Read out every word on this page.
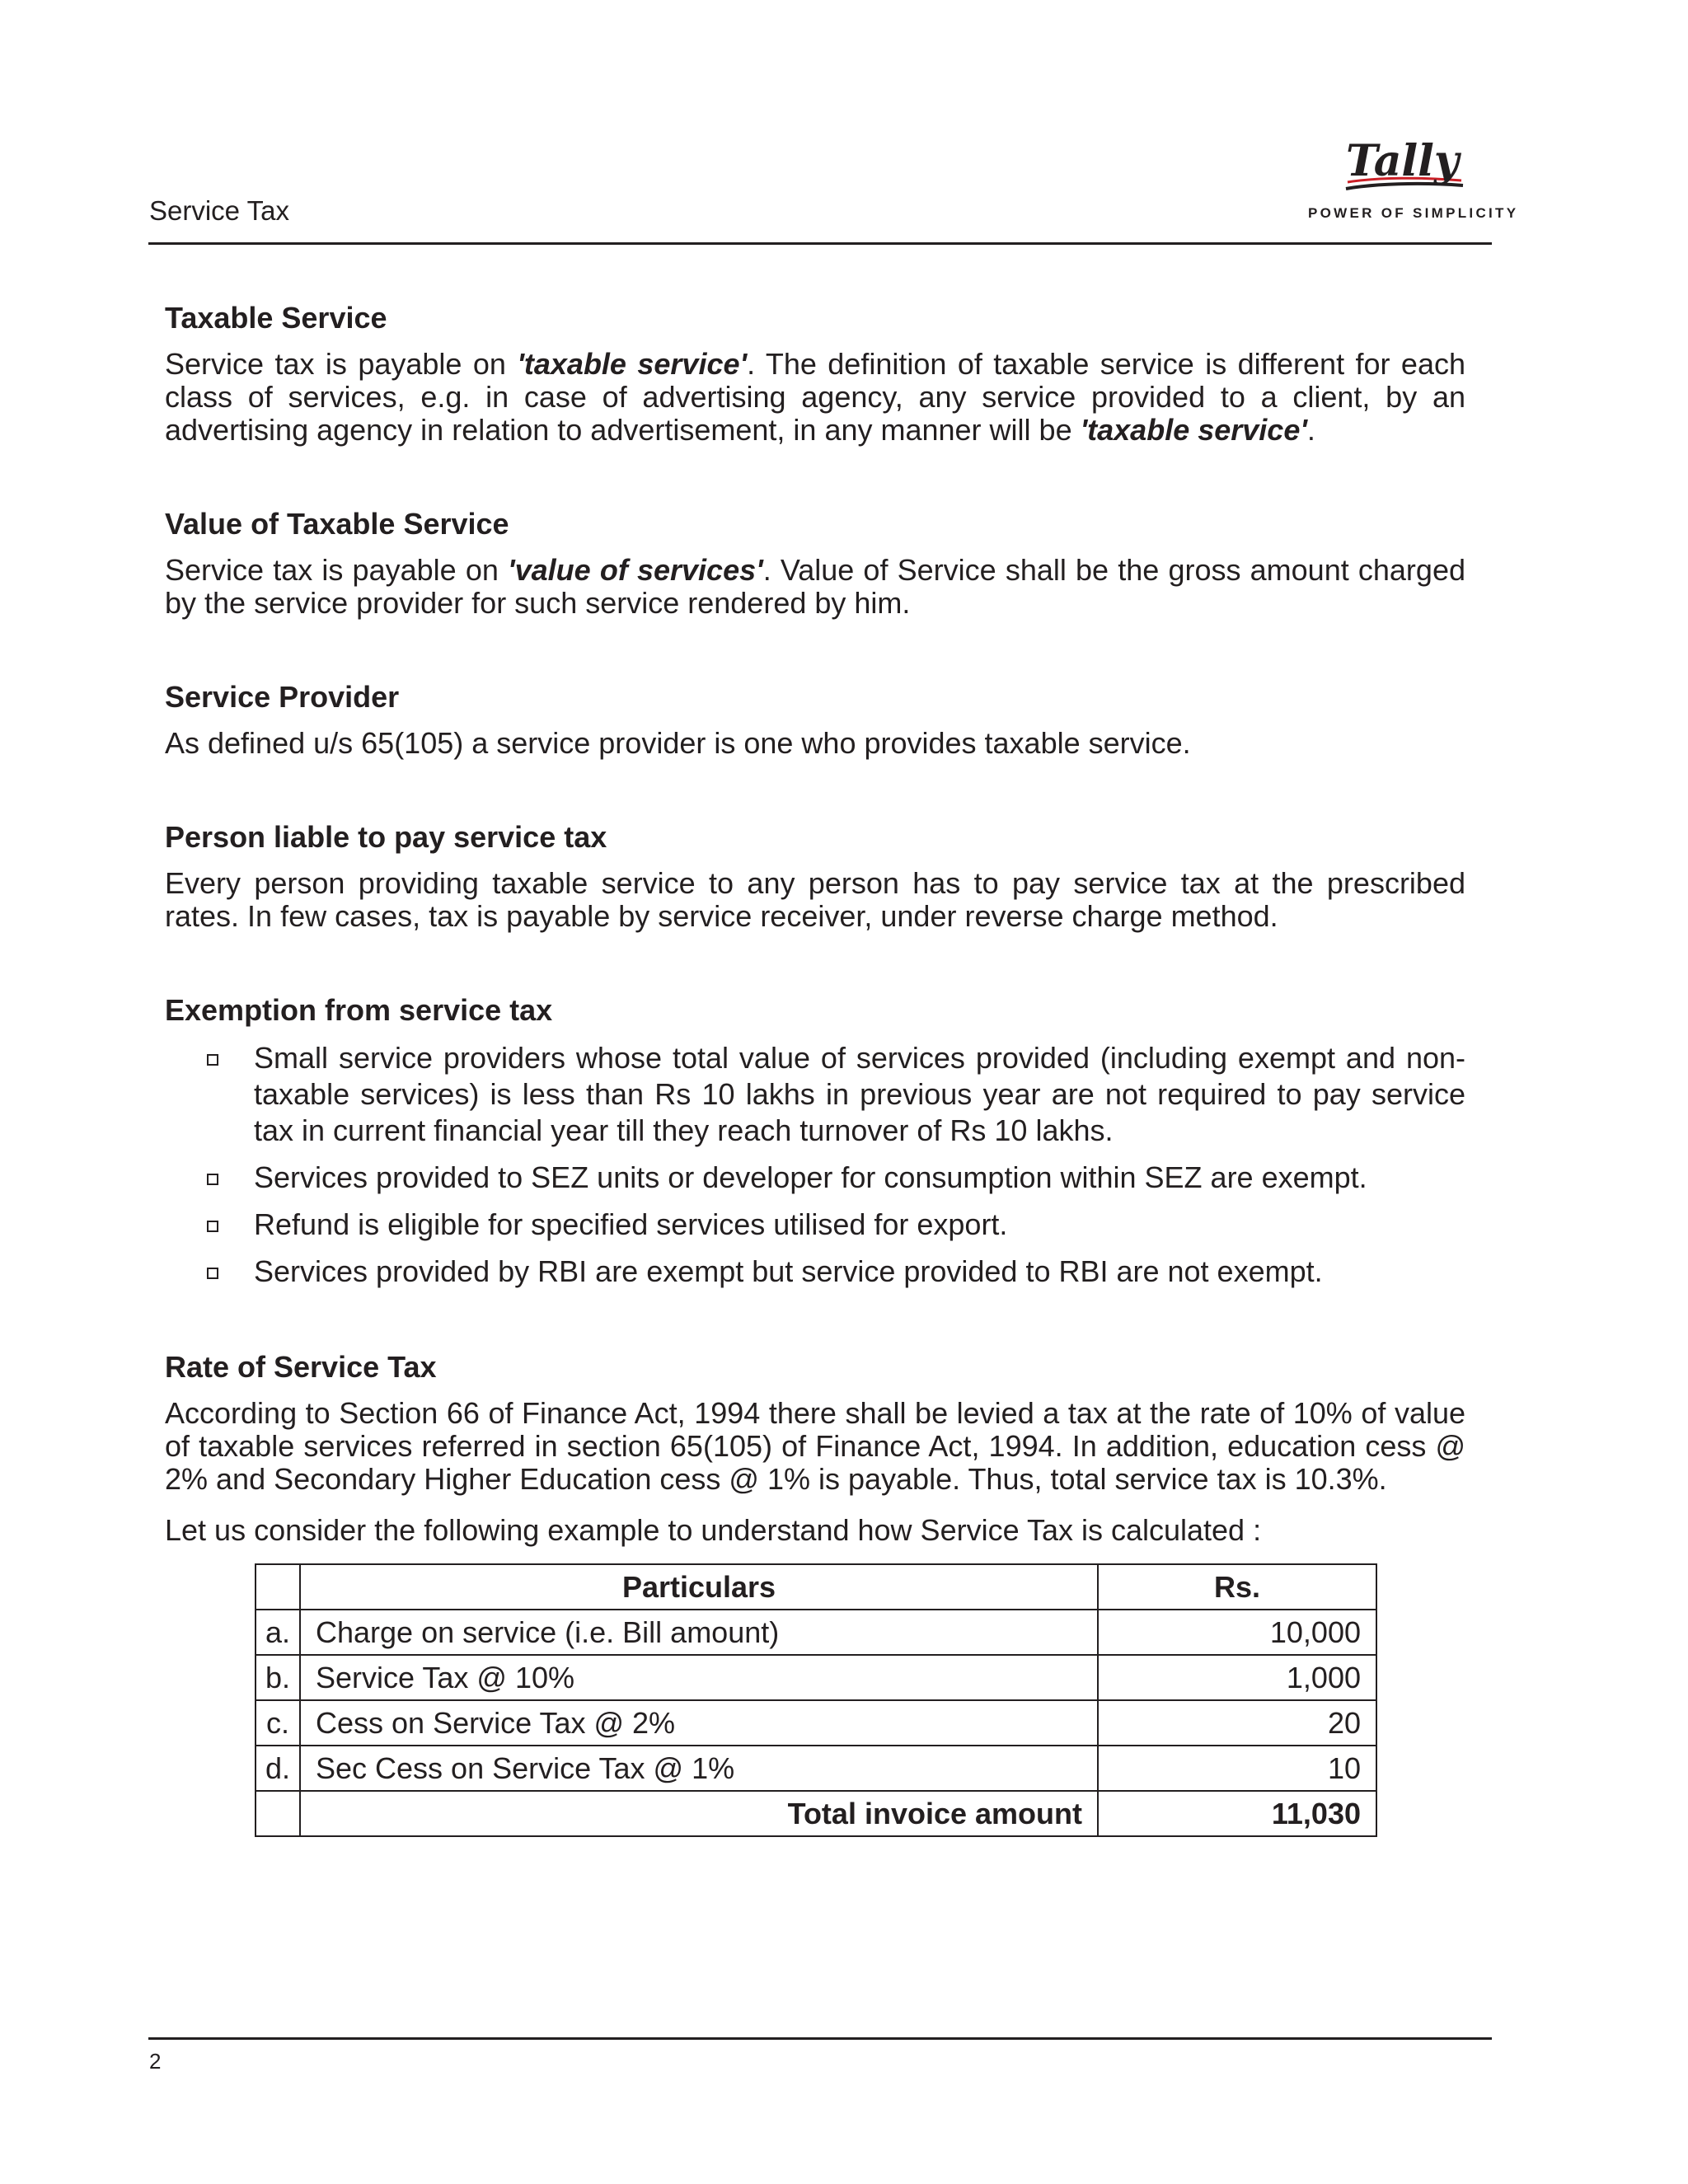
Service Tax
Tally
POWER OF SIMPLICITY
Taxable Service

Service tax is payable on 'taxable service'. The definition of taxable service is different for each class of services, e.g. in case of advertising agency, any service provided to a client, by an advertising agency in relation to advertisement, in any manner will be 'taxable service'.

Value of Taxable Service

Service tax is payable on 'value of services'. Value of Service shall be the gross amount charged by the service provider for such service rendered by him.

Service Provider

As defined u/s 65(105) a service provider is one who provides taxable service.

Person liable to pay service tax

Every person providing taxable service to any person has to pay service tax at the prescribed rates. In few cases, tax is payable by service receiver, under reverse charge method.

Exemption from service tax
Small service providers whose total value of services provided (including exempt and non-taxable services) is less than Rs 10 lakhs in previous year are not required to pay service tax in current financial year till they reach turnover of Rs 10 lakhs.
Services provided to SEZ units or developer for consumption within SEZ are exempt.
Refund is eligible for specified services utilised for export.
Services provided by RBI are exempt but service provided to RBI are not exempt.
Rate of Service Tax

According to Section 66 of Finance Act, 1994 there shall be levied a tax at the rate of 10% of value of taxable services referred in section 65(105) of Finance Act, 1994. In addition, education cess @ 2% and Secondary Higher Education cess @ 1% is payable. Thus, total service tax is 10.3%.

Let us consider the following example to understand how Service Tax is calculated :

	Particulars	Rs.
a.	Charge on service (i.e. Bill amount)	10,000
b.	Service Tax @ 10%	1,000
c.	Cess on Service Tax @ 2%	20
d.	Sec Cess on Service Tax @ 1%	10
	Total invoice amount	11,030
2
